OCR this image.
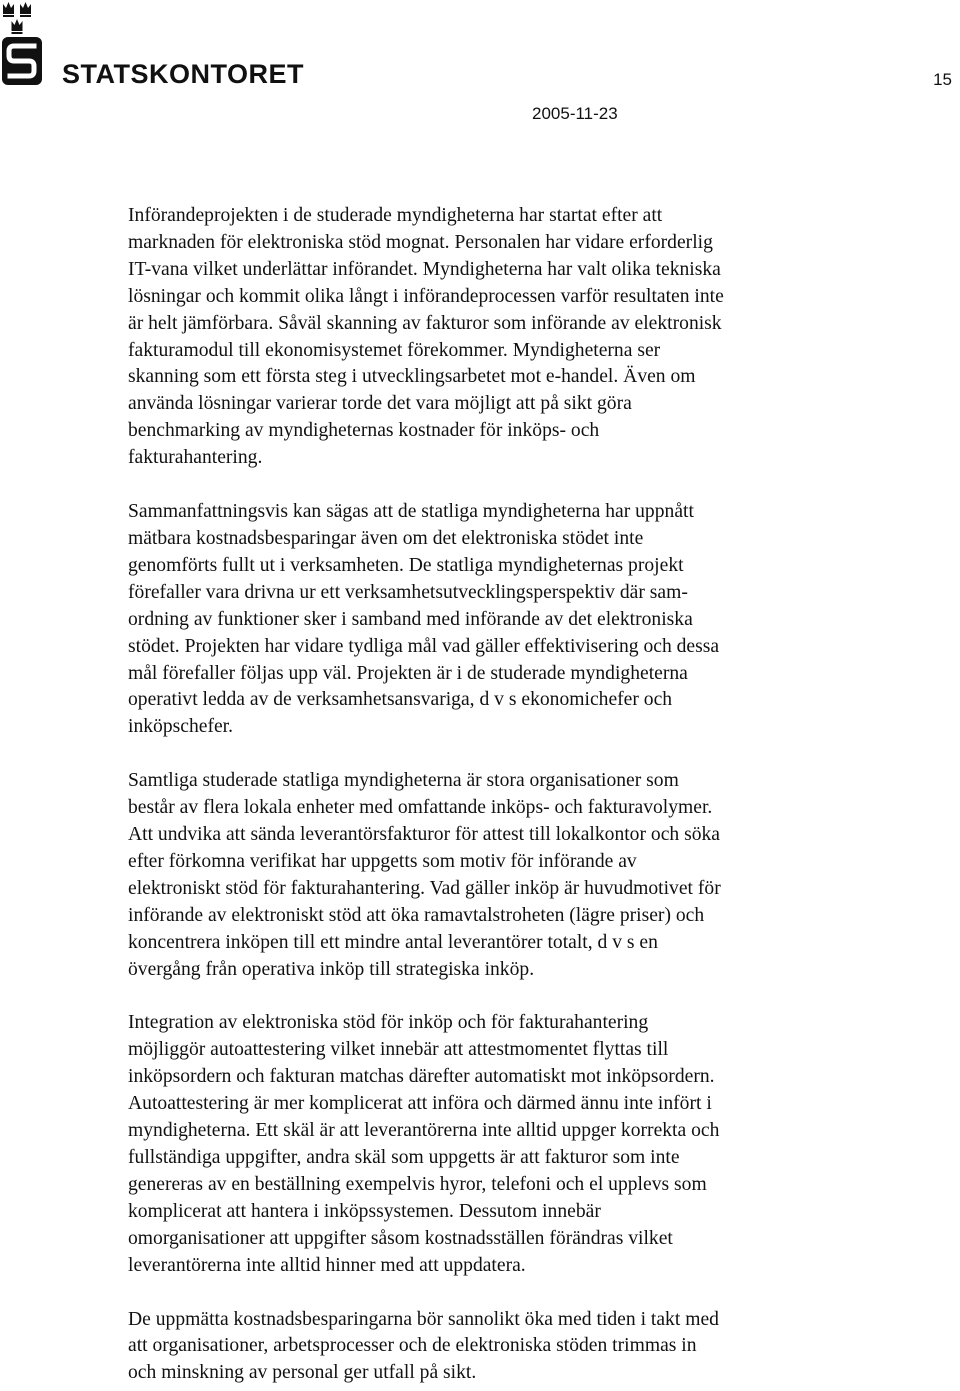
STATSKONTORET	15
2005-11-23

Införandeprojekten i de studerade myndigheterna har startat efter att
marknaden för elektroniska stöd mognat. Personalen har vidare erforderlig
IT-vana vilket underlättar införandet. Myndigheterna har valt olika tekniska
lösningar och kommit olika långt i införandeprocessen varför resultaten inte
är helt jämförbara. Såväl skanning av fakturor som införande av elektronisk
fakturamodul till ekonomisystemet förekommer. Myndigheterna ser
skanning som ett första steg i utvecklingsarbetet mot e-handel. Även om
använda lösningar varierar torde det vara möjligt att på sikt göra
benchmarking av myndigheternas kostnader för inköps- och
fakturahantering.

Sammanfattningsvis kan sägas att de statliga myndigheterna har uppnått
mätbara kostnadsbesparingar även om det elektroniska stödet inte
genomförts fullt ut i verksamheten. De statliga myndigheternas projekt
förefaller vara drivna ur ett verksamhetsutvecklingsperspektiv där sam-
ordning av funktioner sker i samband med införande av det elektroniska
stödet. Projekten har vidare tydliga mål vad gäller effektivisering och dessa
mål förefaller följas upp väl. Projekten är i de studerade myndigheterna
operativt ledda av de verksamhetsansvariga, d v s ekonomichefer och
inköpschefer.

Samtliga studerade statliga myndigheterna är stora organisationer som
består av flera lokala enheter med omfattande inköps- och fakturavolymer.
Att undvika att sända leverantörsfakturor för attest till lokalkontor och söka
efter förkomna verifikat har uppgetts som motiv för införande av
elektroniskt stöd för fakturahantering. Vad gäller inköp är huvudmotivet för
införande av elektroniskt stöd att öka ramavtalstroheten (lägre priser) och
koncentrera inköpen till ett mindre antal leverantörer totalt, d v s en
övergång från operativa inköp till strategiska inköp.

Integration av elektroniska stöd för inköp och för fakturahantering
möjliggör autoattestering vilket innebär att attestmomentet flyttas till
inköpsordern och fakturan matchas därefter automatiskt mot inköpsordern.
Autoattestering är mer komplicerat att införa och därmed ännu inte infört i
myndigheterna. Ett skäl är att leverantörerna inte alltid uppger korrekta och
fullständiga uppgifter, andra skäl som uppgetts är att fakturor som inte
genereras av en beställning exempelvis hyror, telefoni och el upplevs som
komplicerat att hantera i inköpssystemen. Dessutom innebär
omorganisationer att uppgifter såsom kostnadsställen förändras vilket
leverantörerna inte alltid hinner med att uppdatera.

De uppmätta kostnadsbesparingarna bör sannolikt öka med tiden i takt med
att organisationer, arbetsprocesser och de elektroniska stöden trimmas in
och minskning av personal ger utfall på sikt.
